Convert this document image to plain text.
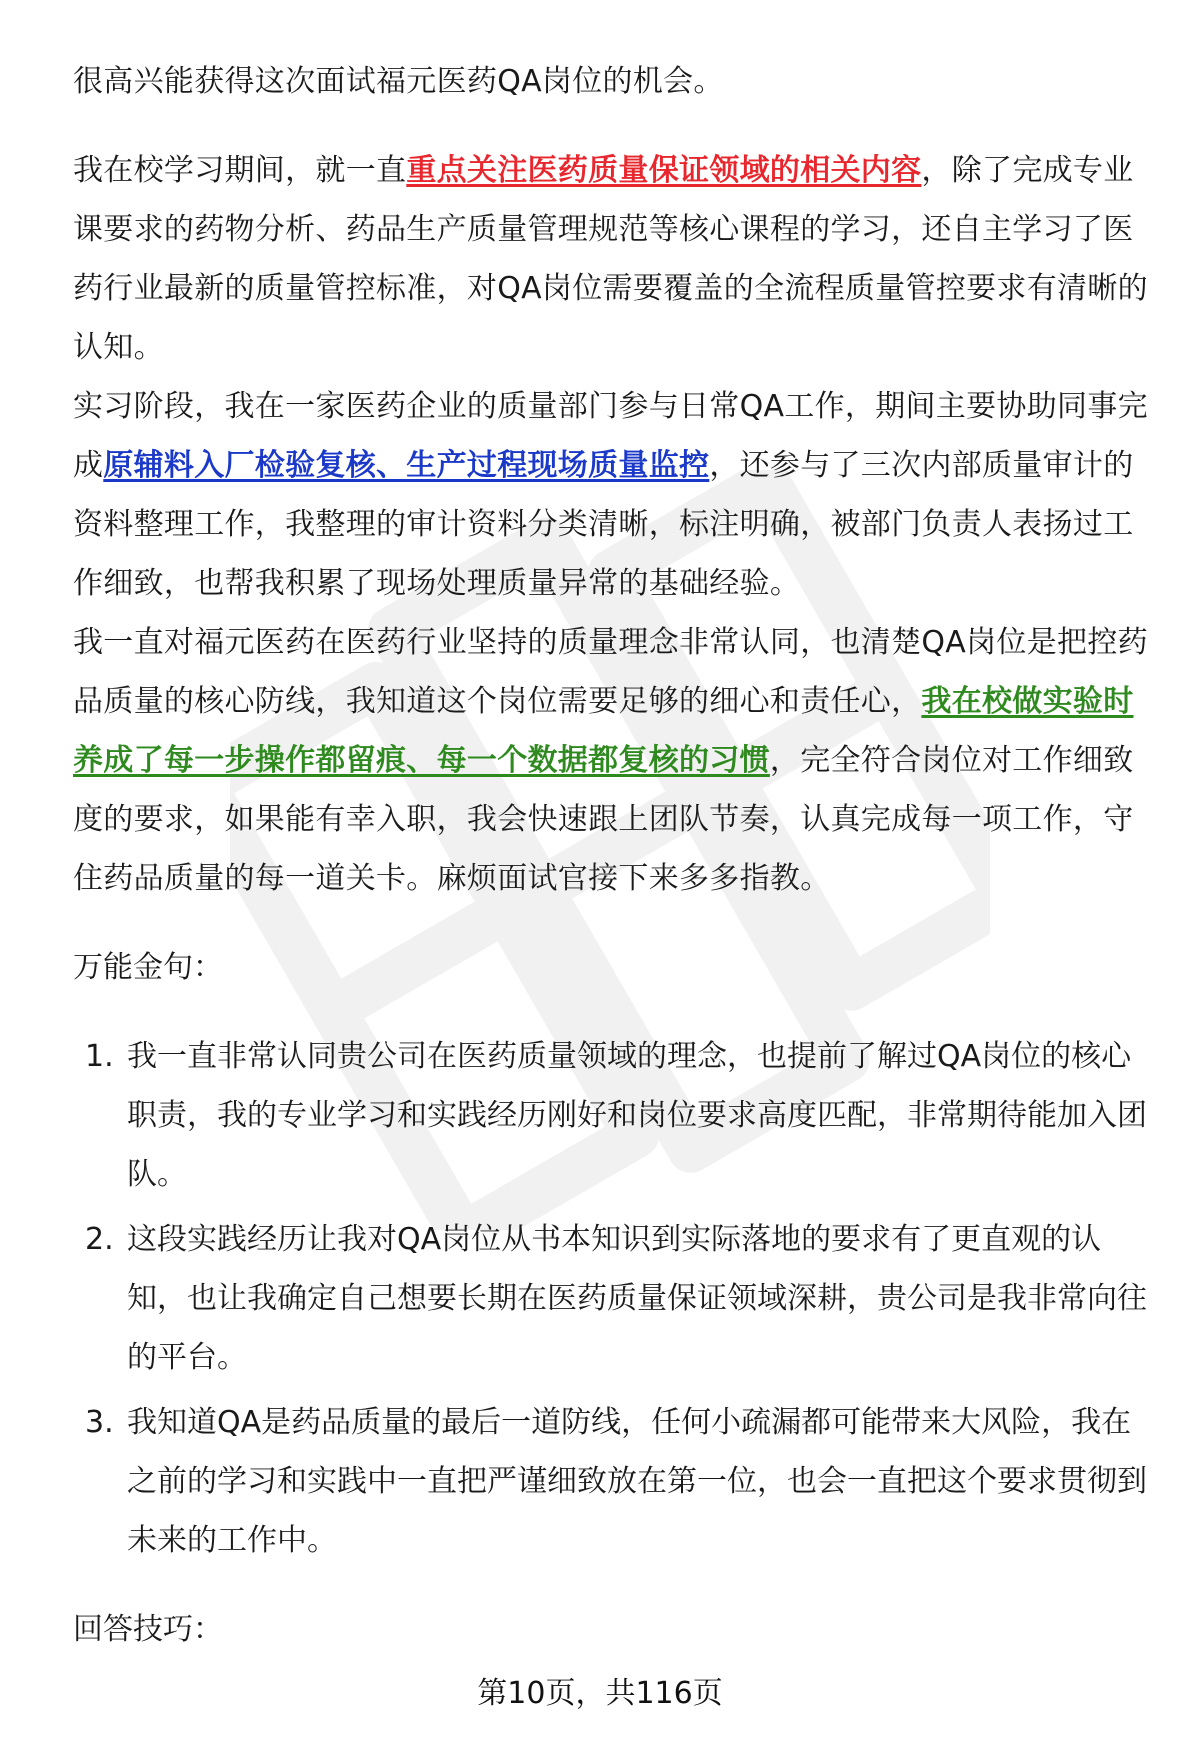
很高兴能获得这次面试福元医药QA岗位的机会。

我在校学习期间，就一直重点关注医药质量保证领域的相关内容，除了完成专业课要求的药物分析、药品生产质量管理规范等核心课程的学习，还自主学习了医药行业最新的质量管控标准，对QA岗位需要覆盖的全流程质量管控要求有清晰的认知。

实习阶段，我在一家医药企业的质量部门参与日常QA工作，期间主要协助同事完成原辅料入厂检验复核、生产过程现场质量监控，还参与了三次内部质量审计的资料整理工作，我整理的审计资料分类清晰，标注明确，被部门负责人表扬过工作细致，也帮我积累了现场处理质量异常的基础经验。

我一直对福元医药在医药行业坚持的质量理念非常认同，也清楚QA岗位是把控药品质量的核心防线，我知道这个岗位需要足够的细心和责任心，我在校做实验时养成了每一步操作都留痕、每一个数据都复核的习惯，完全符合岗位对工作细致度的要求，如果能有幸入职，我会快速跟上团队节奏，认真完成每一项工作，守住药品质量的每一道关卡。麻烦面试官接下来多多指教。

万能金句：
1. 我一直非常认同贵公司在医药质量领域的理念，也提前了解过QA岗位的核心职责，我的专业学习和实践经历刚好和岗位要求高度匹配，非常期待能加入团队。
2. 这段实践经历让我对QA岗位从书本知识到实际落地的要求有了更直观的认知，也让我确定自己想要长期在医药质量保证领域深耕，贵公司是我非常向往的平台。
3. 我知道QA是药品质量的最后一道防线，任何小疏漏都可能带来大风险，我在之前的学习和实践中一直把严谨细致放在第一位，也会一直把这个要求贯彻到未来的工作中。
回答技巧：
第10页，共116页
